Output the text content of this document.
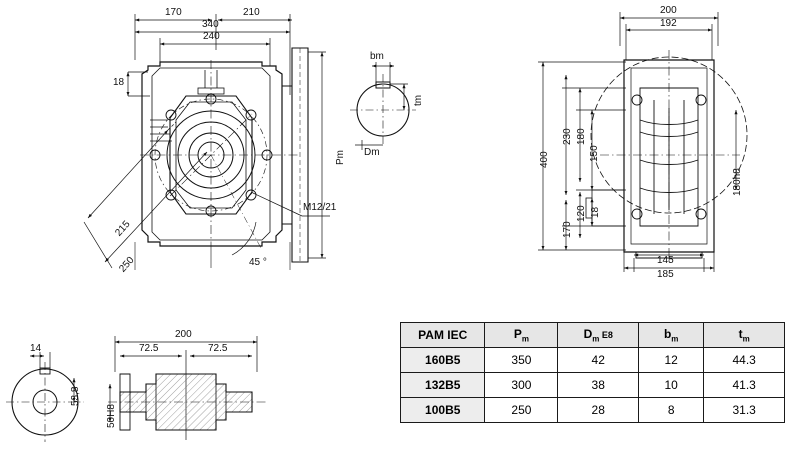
170	210
340
240
18
215
250	45 °
M12/21
Pm
bm
tm
Dm
200
192
400
230 180
150
170
120 18
180h8
145
185
14
53,8
200
72.5	72.5
50H8
PAM IEC	$P_m$	$D_m$ E8	$b_m$	$t_m$
160B5	350	42	12	44.3
132B5	300	38	10	41.3
100B5	250	28	8	31.3
